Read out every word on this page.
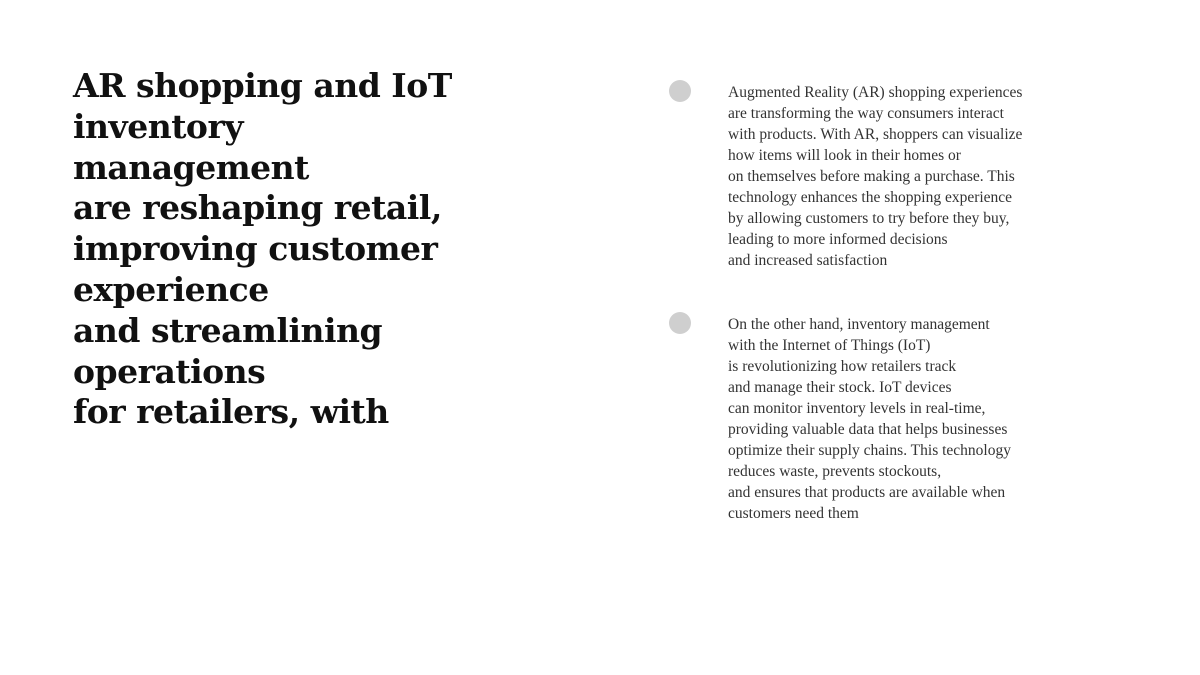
AR shopping and IoT
inventory
management
are reshaping retail,
improving customer
experience
and streamlining
operations
for retailers, with

Augmented Reality (AR) shopping experiences
are transforming the way consumers interact
with products. With AR, shoppers can visualize
how items will look in their homes or
on themselves before making a purchase. This
technology enhances the shopping experience
by allowing customers to try before they buy,
leading to more informed decisions
and increased satisfaction

On the other hand, inventory management
with the Internet of Things (IoT)
is revolutionizing how retailers track
and manage their stock. IoT devices
can monitor inventory levels in real-time,
providing valuable data that helps businesses
optimize their supply chains. This technology
reduces waste, prevents stockouts,
and ensures that products are available when
customers need them
